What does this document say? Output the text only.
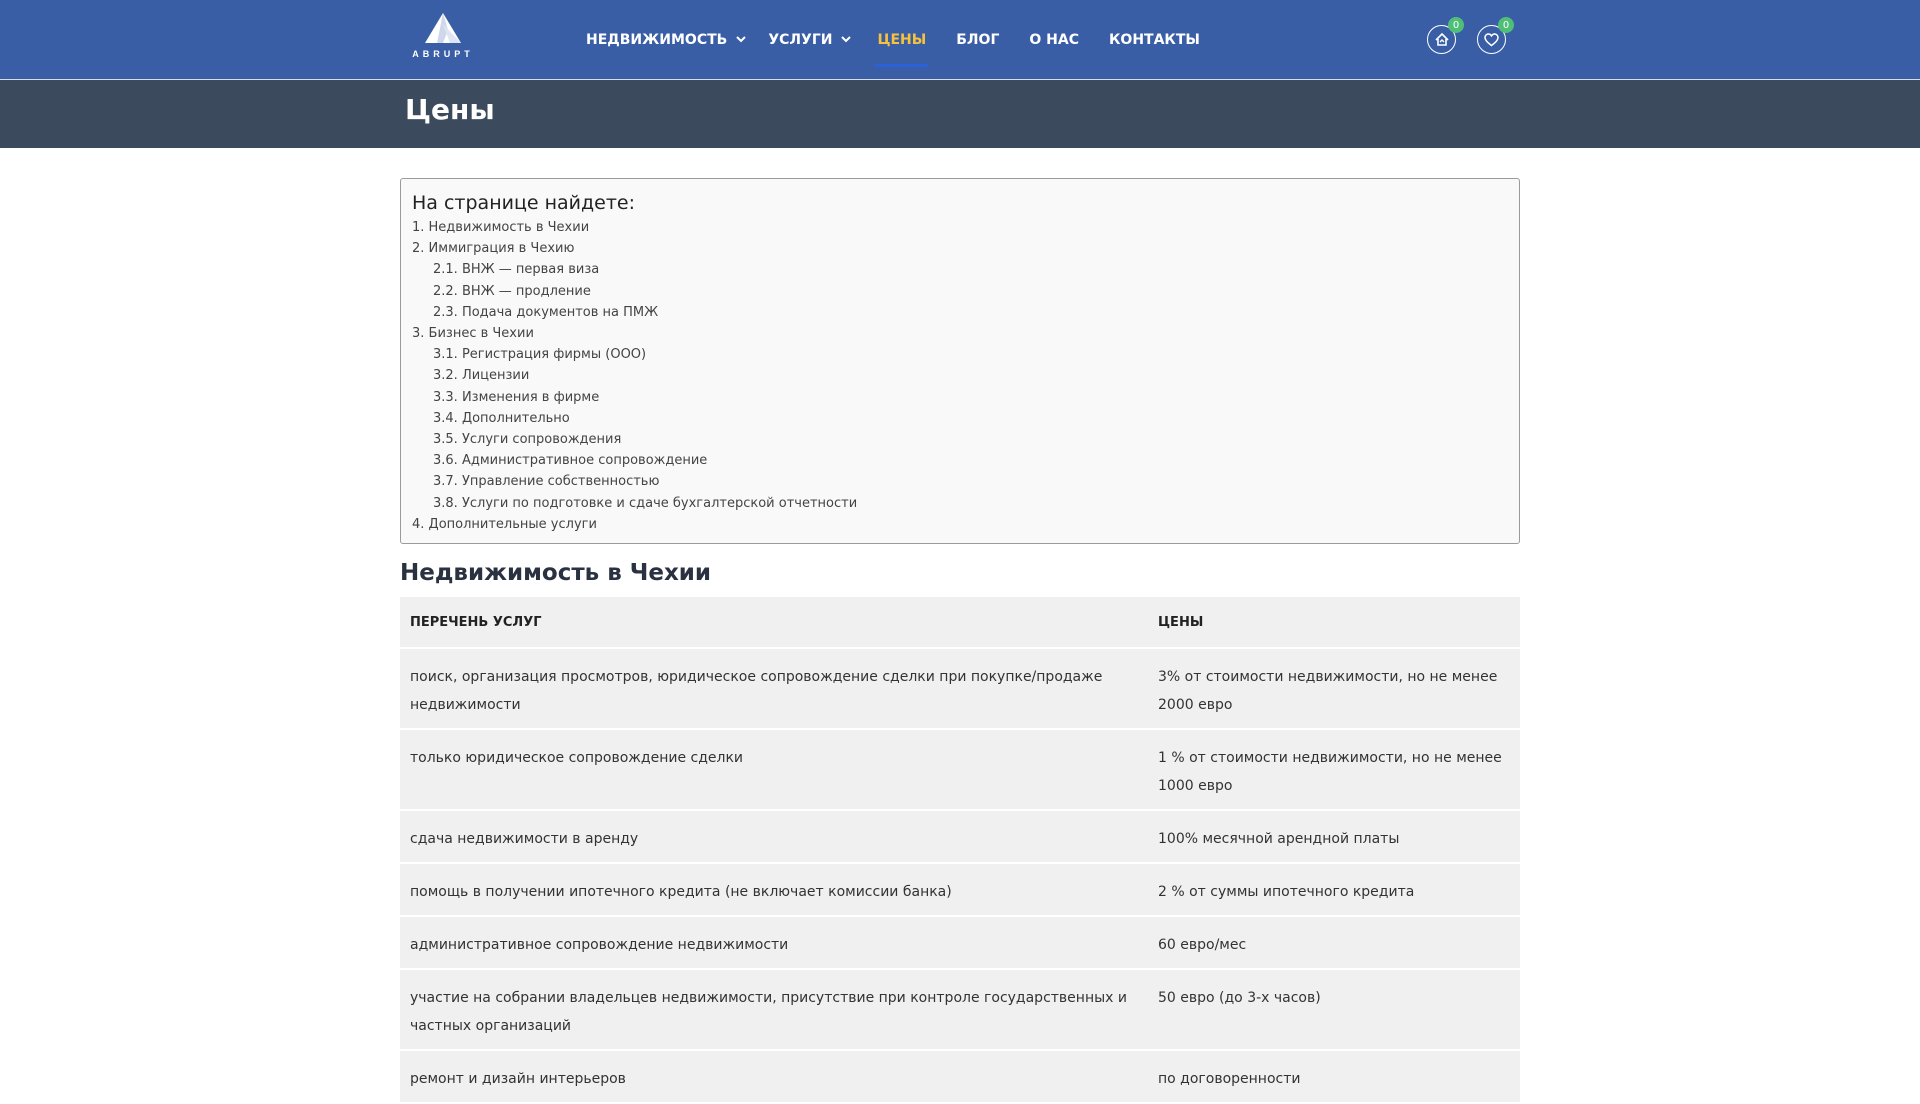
ABRUPT
НЕДВИЖИМОСТЬ	УСЛУГИ	ЦЕНЫ БЛОГ О НАС КОНТАКТЫ
0	0
Цены
На странице найдете:
1. Недвижимость в Чехии
2. Иммиграция в Чехию
2.1. ВНЖ — первая виза
2.2. ВНЖ — продление
2.3. Подача документов на ПМЖ
3. Бизнес в Чехии
3.1. Регистрация фирмы (ООО)
3.2. Лицензии
3.3. Изменения в фирме
3.4. Дополнительно
3.5. Услуги сопровождения
3.6. Административное сопровождение
3.7. Управление собственностью
3.8. Услуги по подготовке и сдаче бухгалтерской отчетности
4. Дополнительные услуги
Недвижимость в Чехии
ПЕРЕЧЕНЬ УСЛУГ	ЦЕНЫ
поиск, организация просмотров, юридическое сопровождение сделки при покупке/продаже недвижимости	3% от стоимости недвижимости, но не менее 2000 евро
только юридическое сопровождение сделки	1 % от стоимости недвижимости, но не менее 1000 евро
сдача недвижимости в аренду	100% месячной арендной платы
помощь в получении ипотечного кредита (не включает комиссии банка)	2 % от суммы ипотечного кредита
административное сопровождение недвижимости	60 евро/мес
участие на собрании владельцев недвижимости, присутствие при контроле государственных и частных организаций	50 евро (до 3-х часов)
ремонт и дизайн интерьеров	по договоренности
